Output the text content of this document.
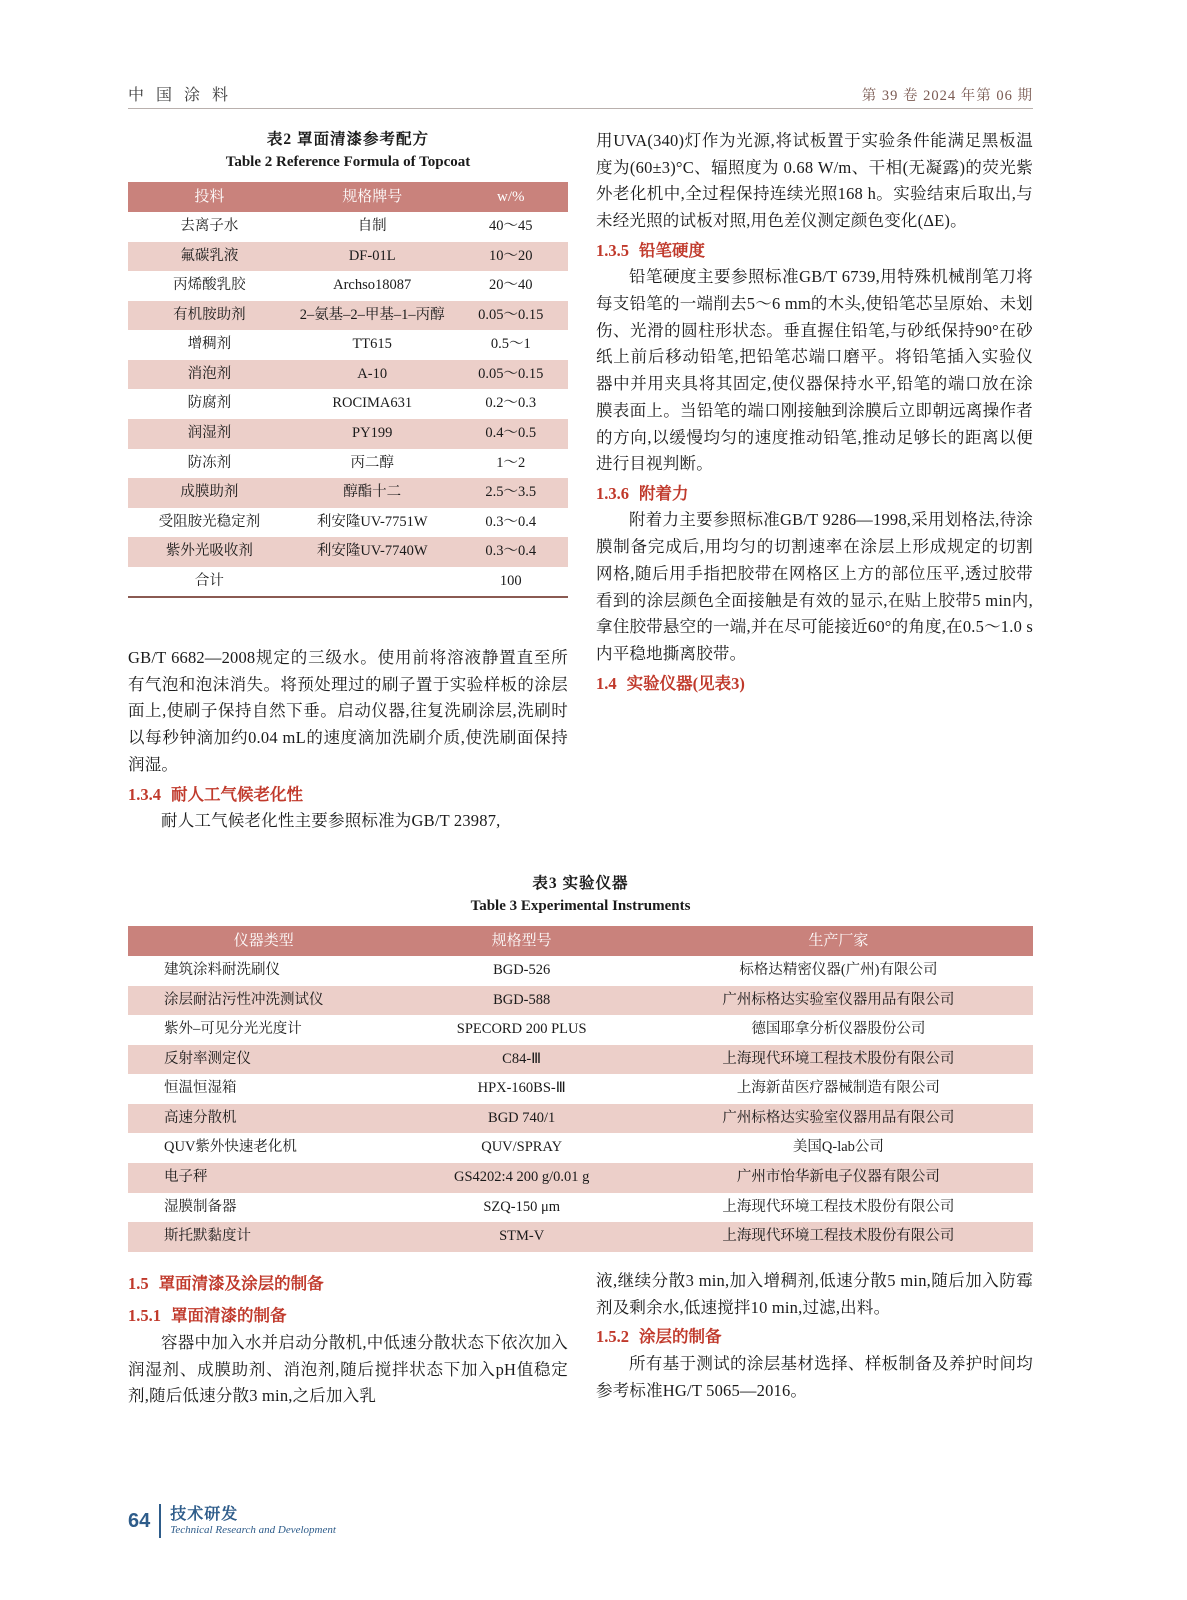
中 国 涂 料	第 39 卷 2024 年第 06 期
表2 罩面清漆参考配方
Table 2 Reference Formula of Topcoat
投料	规格牌号	w/%
去离子水	自制	40～45
氟碳乳液	DF-01L	10～20
丙烯酸乳胶	Archso18087	20～40
有机胺助剂	2–氨基–2–甲基–1–丙醇	0.05～0.15
增稠剂	TT615	0.5～1
消泡剂	A-10	0.05～0.15
防腐剂	ROCIMA631	0.2～0.3
润湿剂	PY199	0.4～0.5
防冻剂	丙二醇	1～2
成膜助剂	醇酯十二	2.5～3.5
受阻胺光稳定剂	利安隆UV-7751W	0.3～0.4
紫外光吸收剂	利安隆UV-7740W	0.3～0.4
合计		100

GB/T 6682—2008规定的三级水。使用前将溶液静置直至所有气泡和泡沫消失。将预处理过的刷子置于实验样板的涂层面上,使刷子保持自然下垂。启动仪器,往复洗刷涂层,洗刷时以每秒钟滴加约0.04 mL的速度滴加洗刷介质,使洗刷面保持润湿。

1.3.4 耐人工气候老化性

耐人工气候老化性主要参照标准为GB/T 23987,

用UVA(340)灯作为光源,将试板置于实验条件能满足黑板温度为(60±3)°C、辐照度为 0.68 W/m、干相(无凝露)的荧光紫外老化机中,全过程保持连续光照168 h。实验结束后取出,与未经光照的试板对照,用色差仪测定颜色变化(ΔE)。

1.3.5 铅笔硬度

铅笔硬度主要参照标准GB/T 6739,用特殊机械削笔刀将每支铅笔的一端削去5～6 mm的木头,使铅笔芯呈原始、未划伤、光滑的圆柱形状态。垂直握住铅笔,与砂纸保持90°在砂纸上前后移动铅笔,把铅笔芯端口磨平。将铅笔插入实验仪器中并用夹具将其固定,使仪器保持水平,铅笔的端口放在涂膜表面上。当铅笔的端口刚接触到涂膜后立即朝远离操作者的方向,以缓慢均匀的速度推动铅笔,推动足够长的距离以便进行目视判断。

1.3.6 附着力

附着力主要参照标准GB/T 9286—1998,采用划格法,待涂膜制备完成后,用均匀的切割速率在涂层上形成规定的切割网格,随后用手指把胶带在网格区上方的部位压平,透过胶带看到的涂层颜色全面接触是有效的显示,在贴上胶带5 min内,拿住胶带悬空的一端,并在尽可能接近60°的角度,在0.5～1.0 s内平稳地撕离胶带。

1.4 实验仪器(见表3)
表3 实验仪器
Table 3 Experimental Instruments
仪器类型	规格型号	生产厂家
建筑涂料耐洗刷仪	BGD-526	标格达精密仪器(广州)有限公司
涂层耐沾污性冲洗测试仪	BGD-588	广州标格达实验室仪器用品有限公司
紫外–可见分光光度计	SPECORD 200 PLUS	德国耶拿分析仪器股份公司
反射率测定仪	C84-Ⅲ	上海现代环境工程技术股份有限公司
恒温恒湿箱	HPX-160BS-Ⅲ	上海新苗医疗器械制造有限公司
高速分散机	BGD 740/1	广州标格达实验室仪器用品有限公司
QUV紫外快速老化机	QUV/SPRAY	美国Q-lab公司
电子秤	GS4202:4 200 g/0.01 g	广州市怡华新电子仪器有限公司
湿膜制备器	SZQ-150 μm	上海现代环境工程技术股份有限公司
斯托默黏度计	STM-V	上海现代环境工程技术股份有限公司
1.5 罩面清漆及涂层的制备
1.5.1 罩面清漆的制备

容器中加入水并启动分散机,中低速分散状态下依次加入润湿剂、成膜助剂、消泡剂,随后搅拌状态下加入pH值稳定剂,随后低速分散3 min,之后加入乳

液,继续分散3 min,加入增稠剂,低速分散5 min,随后加入防霉剂及剩余水,低速搅拌10 min,过滤,出料。

1.5.2 涂层的制备

所有基于测试的涂层基材选择、样板制备及养护时间均参考标准HG/T 5065—2016。

64 技术研发
Technical Research and Development
